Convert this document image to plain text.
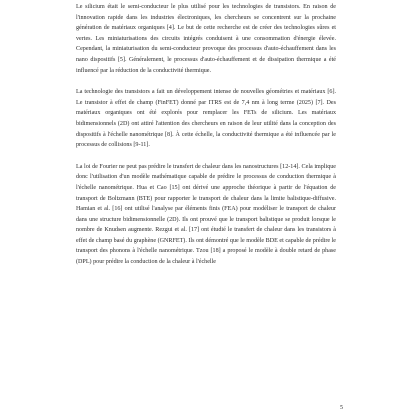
Le silicium était le semi-conducteur le plus utilisé pour les technologies de transistors. En raison de l'innovation rapide dans les industries électroniques, les chercheurs se concentrent sur la prochaine génération de matériaux organiques [4]. Le but de cette recherche est de créer des technologies sûres et vertes. Les miniaturisations des circuits intégrés conduisent à une consommation d'énergie élevée. Cependant, la miniaturisation du semi-conducteur provoque des processus d'auto-échauffement dans les nano dispositifs [5]. Généralement, le processus d'auto-échauffement et de dissipation thermique a été influencé par la réduction de la conductivité thermique.

La technologie des transistors a fait un développement intense de nouvelles géométries et matériaux [6]. Le transistor à effet de champ (FinFET) donné par ITRS est de 7,4 nm à long terme (2025) [7]. Des matériaux organiques ont été explorés pour remplacer les FETs de silicium. Les matériaux bidimensionnels (2D) ont attiré l'attention des chercheurs en raison de leur utilité dans la conception des dispositifs à l'échelle nanométrique [8]. À cette échelle, la conductivité thermique a été influencée par le processus de collisions [9-11].

La loi de Fourier ne peut pas prédire le transfert de chaleur dans les nanostructures [12-14]. Cela implique donc l'utilisation d'un modèle mathématique capable de prédire le processus de conduction thermique à l'échelle nanométrique. Hua et Cao [15] ont dérivé une approche théorique à partir de l'équation de transport de Boltzmann (BTE) pour rapporter le transport de chaleur dans la limite balistique-diffusive. Hamian et al. [16] ont utilisé l'analyse par éléments finis (FEA) pour modéliser le transport de chaleur dans une structure bidimensionnelle (2D). Ils ont prouvé que le transport balistique se produit lorsque le nombre de Knudsen augmente. Rezgui et al. [17] ont étudié le transfert de chaleur dans les transistors à effet de champ basé du graphène (GNRFET). Ils ont démontré que le modèle BDE et capable de prédire le transport des phonons à l'échelle nanométrique. Tzou [18] a proposé le modèle à double retard de phase (DPL) pour prédire la conduction de la chaleur à l'échelle

5
